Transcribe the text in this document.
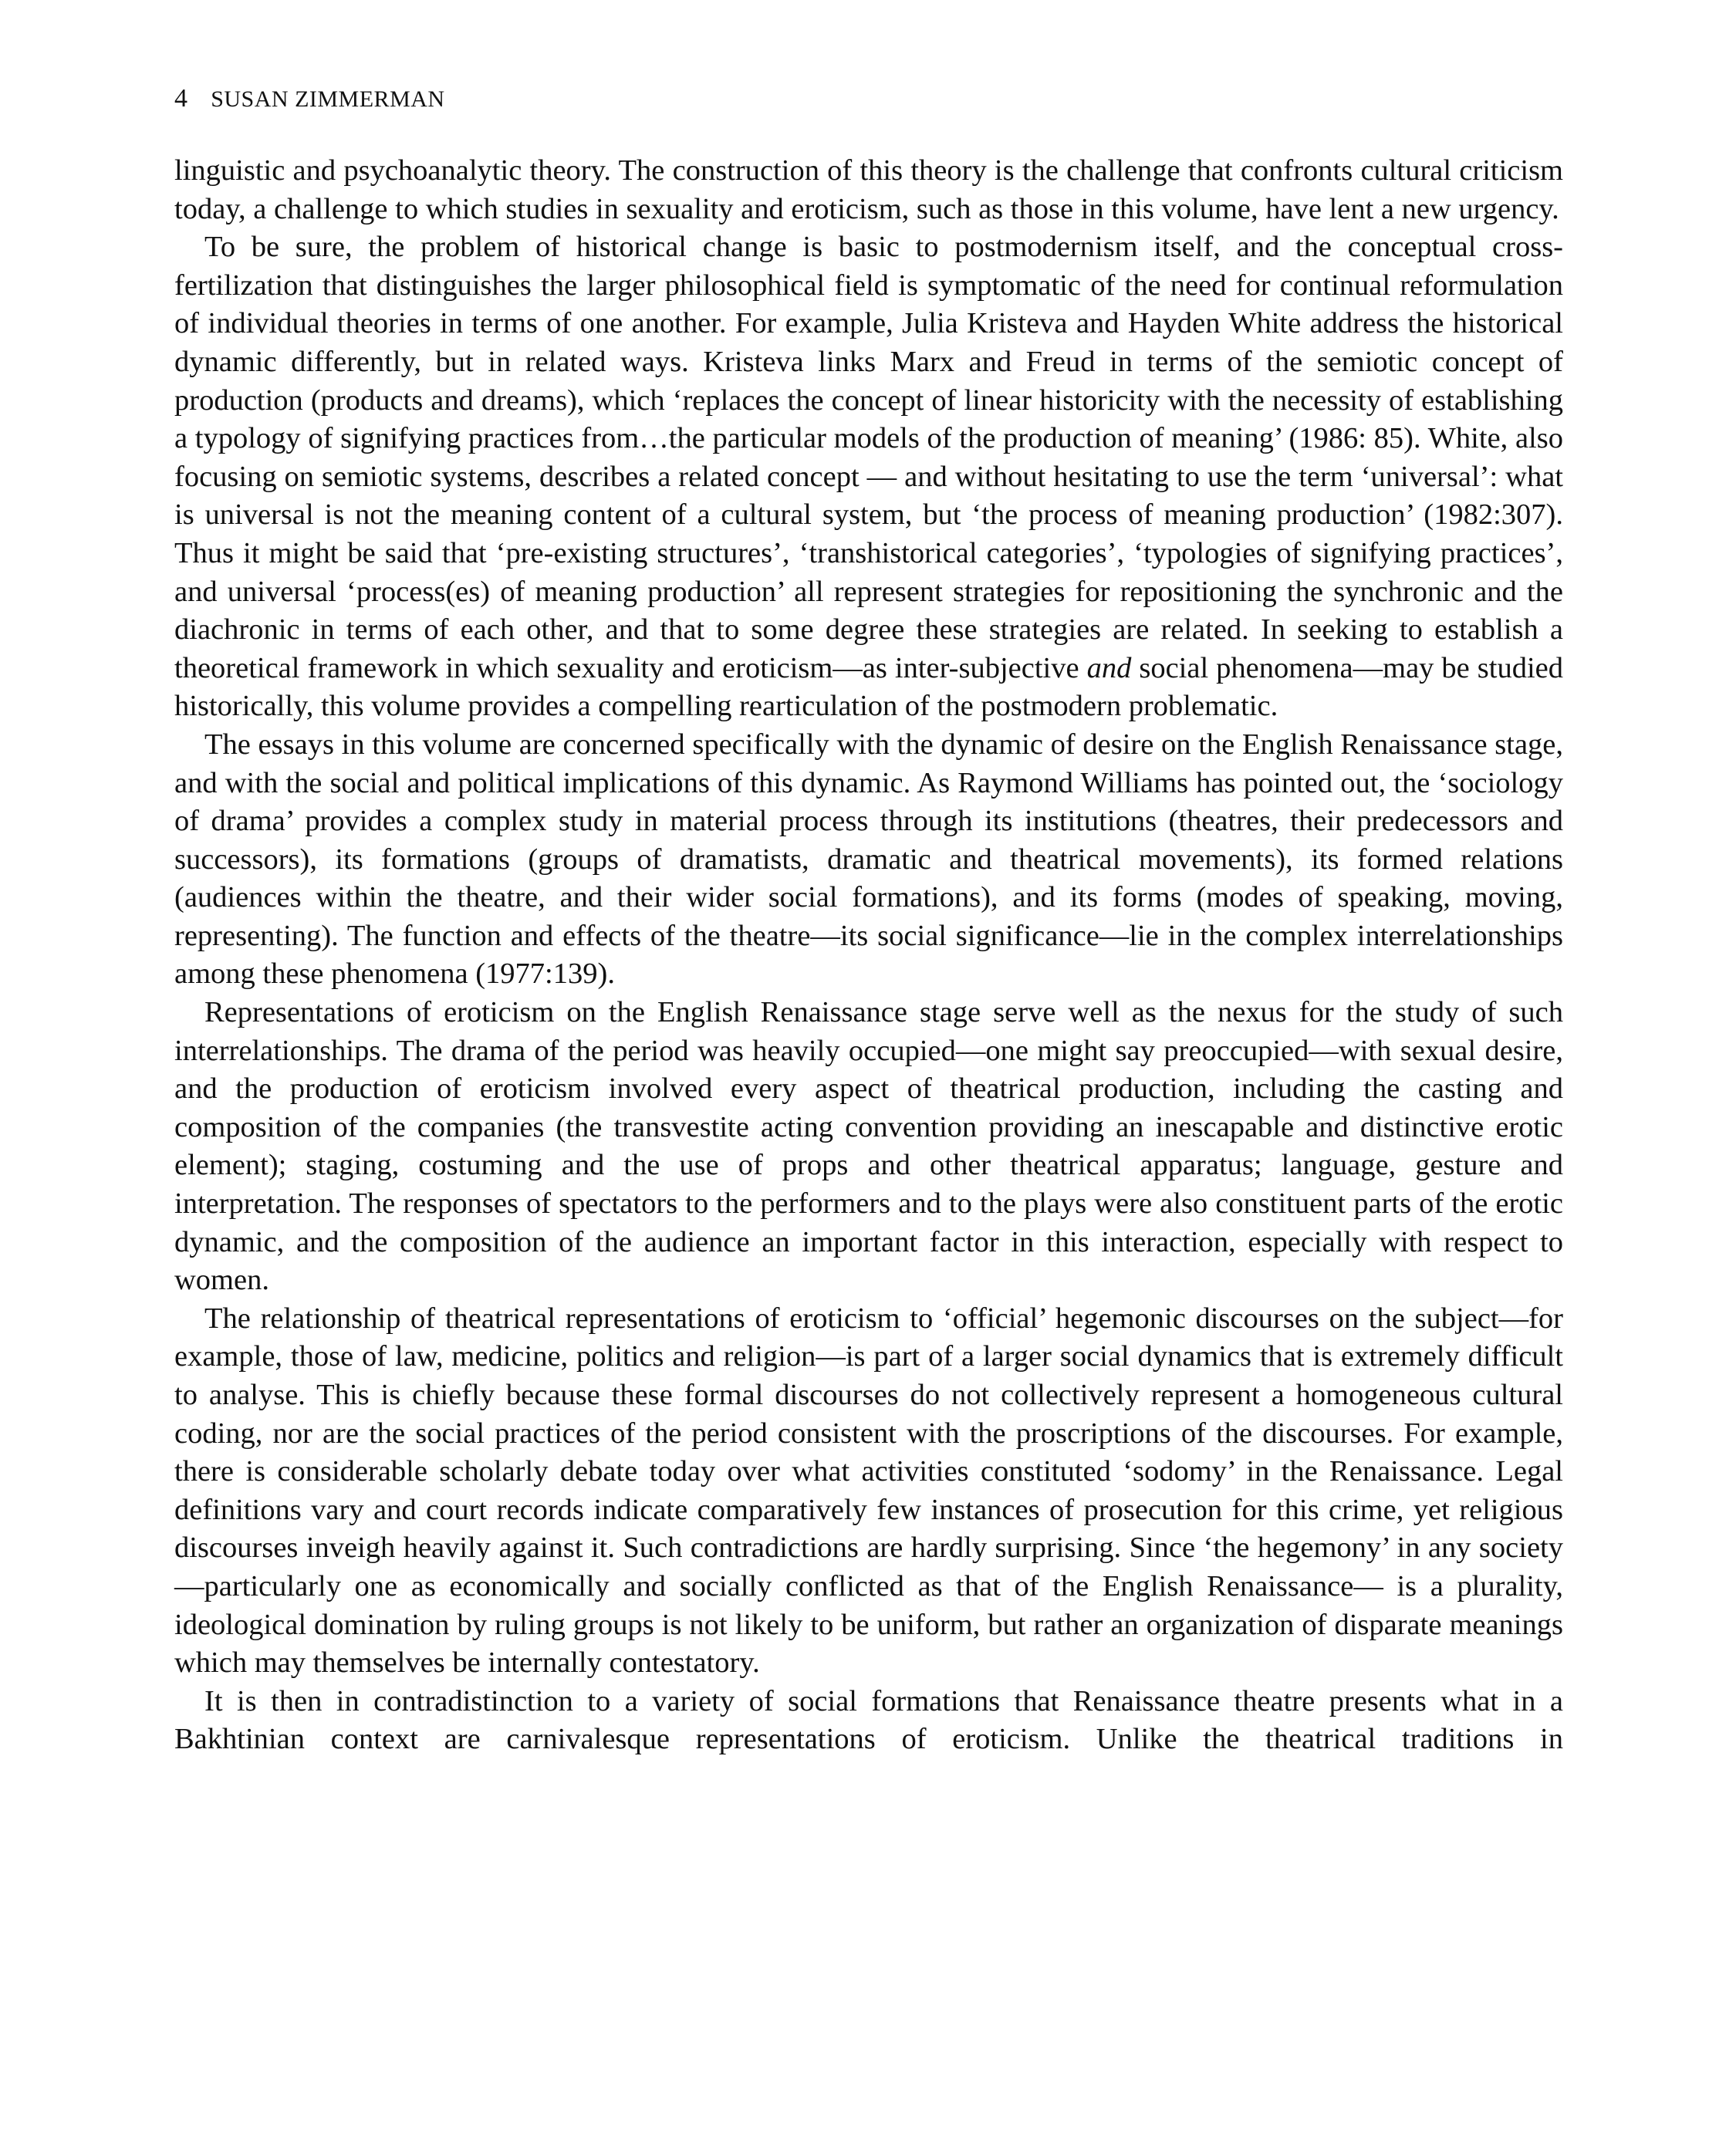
4 SUSAN ZIMMERMAN

linguistic and psychoanalytic theory. The construction of this theory is the challenge that confronts cultural criticism today, a challenge to which studies in sexuality and eroticism, such as those in this volume, have lent a new urgency.

To be sure, the problem of historical change is basic to postmodernism itself, and the conceptual cross-fertilization that distinguishes the larger philosophical field is symptomatic of the need for continual reformulation of individual theories in terms of one another. For example, Julia Kristeva and Hayden White address the historical dynamic differently, but in related ways. Kristeva links Marx and Freud in terms of the semiotic concept of production (products and dreams), which ‘replaces the concept of linear historicity with the necessity of establishing a typology of signifying practices from…the particular models of the production of meaning’ (1986: 85). White, also focusing on semiotic systems, describes a related concept — and without hesitating to use the term ‘universal’: what is universal is not the meaning content of a cultural system, but ‘the process of meaning production’ (1982:307). Thus it might be said that ‘pre-existing structures’, ‘transhistorical categories’, ‘typologies of signifying practices’, and universal ‘process(es) of meaning production’ all represent strategies for repositioning the synchronic and the diachronic in terms of each other, and that to some degree these strategies are related. In seeking to establish a theoretical framework in which sexuality and eroticism—as inter-subjective and social phenomena—may be studied historically, this volume provides a compelling rearticulation of the postmodern problematic.

The essays in this volume are concerned specifically with the dynamic of desire on the English Renaissance stage, and with the social and political implications of this dynamic. As Raymond Williams has pointed out, the ‘sociology of drama’ provides a complex study in material process through its institutions (theatres, their predecessors and successors), its formations (groups of dramatists, dramatic and theatrical movements), its formed relations (audiences within the theatre, and their wider social formations), and its forms (modes of speaking, moving, representing). The function and effects of the theatre—its social significance—lie in the complex interrelationships among these phenomena (1977:139).

Representations of eroticism on the English Renaissance stage serve well as the nexus for the study of such interrelationships. The drama of the period was heavily occupied—one might say preoccupied—with sexual desire, and the production of eroticism involved every aspect of theatrical production, including the casting and composition of the companies (the transvestite acting convention providing an inescapable and distinctive erotic element); staging, costuming and the use of props and other theatrical apparatus; language, gesture and interpretation. The responses of spectators to the performers and to the plays were also constituent parts of the erotic dynamic, and the composition of the audience an important factor in this interaction, especially with respect to women.

The relationship of theatrical representations of eroticism to ‘official’ hegemonic discourses on the subject—for example, those of law, medicine, politics and religion—is part of a larger social dynamics that is extremely difficult to analyse. This is chiefly because these formal discourses do not collectively represent a homogeneous cultural coding, nor are the social practices of the period consistent with the proscriptions of the discourses. For example, there is considerable scholarly debate today over what activities constituted ‘sodomy’ in the Renaissance. Legal definitions vary and court records indicate comparatively few instances of prosecution for this crime, yet religious discourses inveigh heavily against it. Such contradictions are hardly surprising. Since ‘the hegemony’ in any society—particularly one as economically and socially conflicted as that of the English Renaissance— is a plurality, ideological domination by ruling groups is not likely to be uniform, but rather an organization of disparate meanings which may themselves be internally contestatory.

It is then in contradistinction to a variety of social formations that Renaissance theatre presents what in a Bakhtinian context are carnivalesque representations of eroticism. Unlike the theatrical traditions in
